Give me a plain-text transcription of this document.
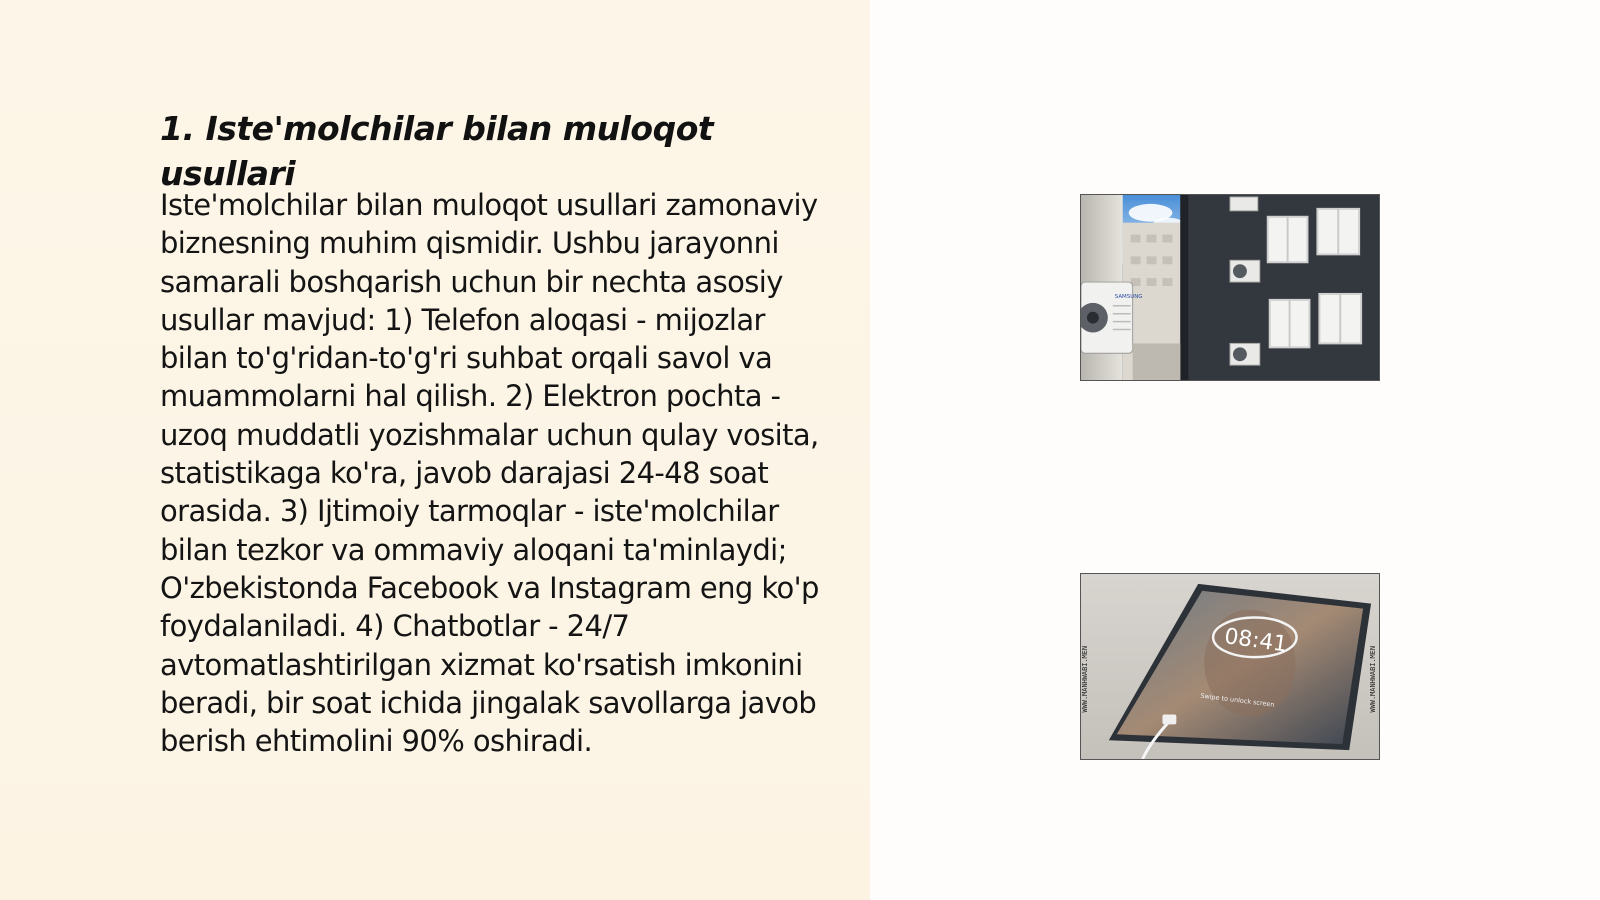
1. Iste'molchilar bilan muloqot usullari

Iste'molchilar bilan muloqot usullari zamonaviy biznesning muhim qismidir. Ushbu jarayonni samarali boshqarish uchun bir nechta asosiy usullar mavjud: 1) Telefon aloqasi - mijozlar bilan to'g'ridan-to'g'ri suhbat orqali savol va muammolarni hal qilish. 2) Elektron pochta - uzoq muddatli yozishmalar uchun qulay vosita, statistikaga ko'ra, javob darajasi 24-48 soat orasida. 3) Ijtimoiy tarmoqlar - iste'molchilar bilan tezkor va ommaviy aloqani ta'minlaydi; O'zbekistonda Facebook va Instagram eng ko'p foydalaniladi. 4) Chatbotlar - 24/7 avtomatlashtirilgan xizmat ko'rsatish imkonini beradi, bir soat ichida jingalak savollarga javob berish ehtimolini 90% oshiradi.

SAMSUNG
08:41
Swipe to unlock screen
WWW.MANHWABI.MEN	WWW.MANHWABI.MEN
